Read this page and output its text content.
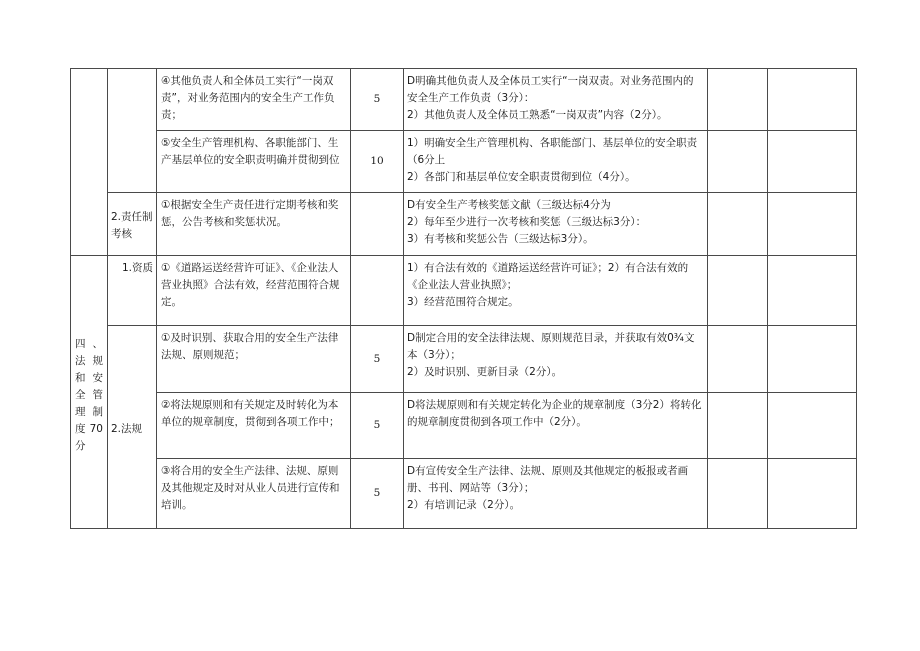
		④其他负责人和全体员工实行“一岗双责”，对业务范围内的安全生产工作负责；	5	D明确其他负责人及全体员工实行“一岗双责。对业务范围内的安全生产工作负责（3分）：
2）其他负责人及全体员工熟悉“一岗双责”内容（2分）。		

		⑤安全生产管理机构、各职能部门、生产基层单位的安全职责明确并贯彻到位	10	1）明确安全生产管理机构、各职能部门、基层单位的安全职责（6分上
2）各部门和基层单位安全职责贯彻到位（4分）。		

	2.责任制考核	①根据安全生产责任进行定期考核和奖惩，公告考核和奖惩状况。		D有安全生产考核奖惩文献（三级达标4分为
2）每年至少进行一次考核和奖惩（三级达标3分）：
3）有考核和奖惩公告（三级达标3分）。		

四、法规和安全管理制度70分	1.资质	①《道路运送经营许可证》、《企业法人营业执照》合法有效，经营范围符合规定。		1）有合法有效的《道路运送经营许可证》；2）有合法有效的《企业法人营业执照》；
3）经营范围符合规定。		

	2.法规	①及时识别、获取合用的安全生产法律法规、原则规范；	5	D制定合用的安全法律法规、原则规范目录，并获取有效0¾文本（3分）；
2）及时识别、更新目录（2分）。		

		②将法规原则和有关规定及时转化为本单位的规章制度，贯彻到各项工作中；	5	D将法规原则和有关规定转化为企业的规章制度（3分2）将转化的规章制度贯彻到各项工作中（2分）。		

		③将合用的安全生产法律、法规、原则及其他规定及时对从业人员进行宣传和培训。	5	D有宣传安全生产法律、法规、原则及其他规定的板报或者画册、书刊、网站等（3分）；
2）有培训记录（2分）。		
